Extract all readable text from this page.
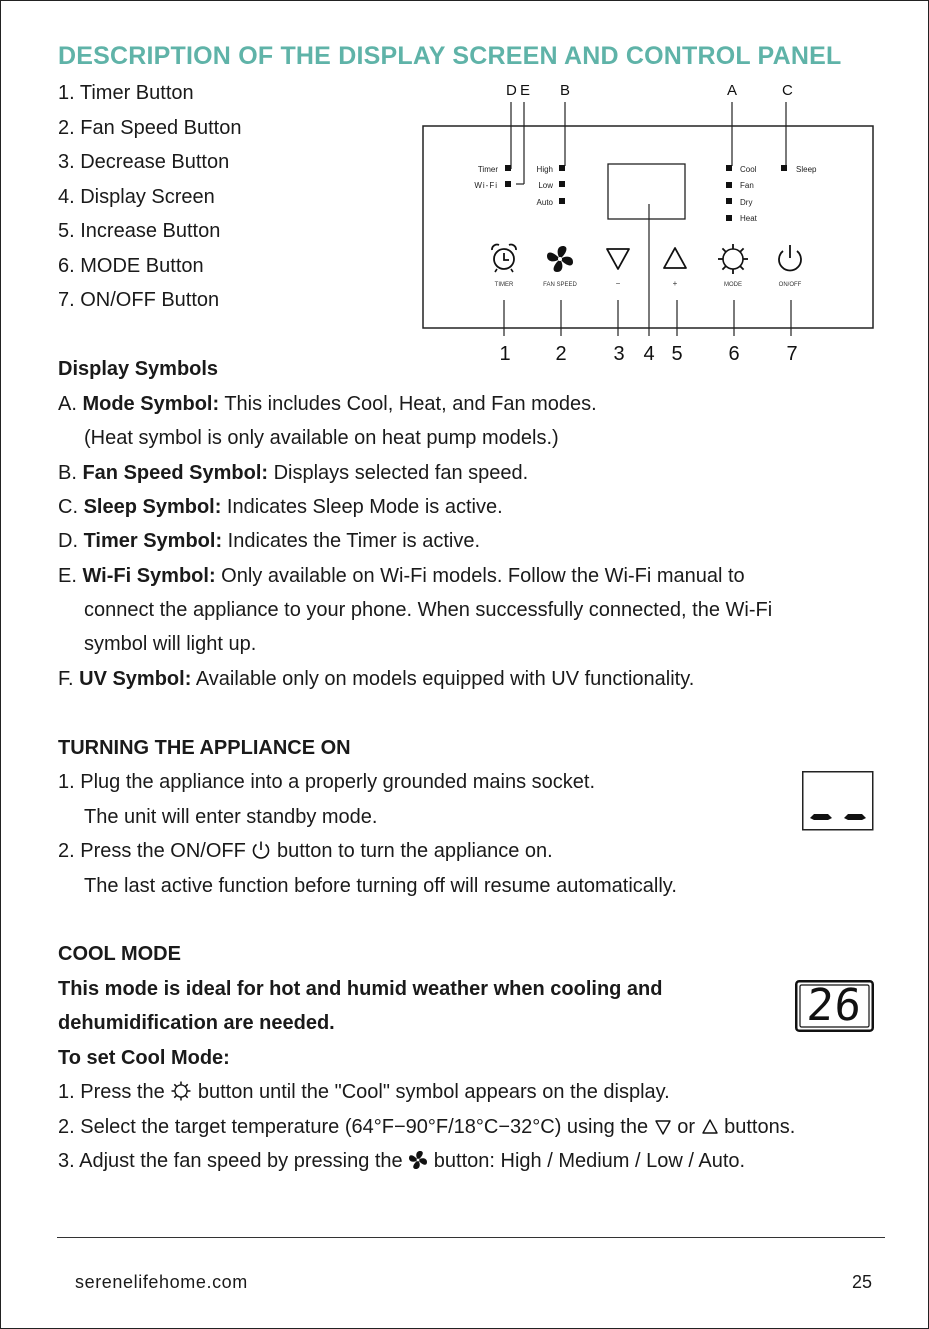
DESCRIPTION OF THE DISPLAY SCREEN AND CONTROL PANEL
1. Timer Button
2. Fan Speed Button
3. Decrease Button
4. Display Screen
5. Increase Button
6. MODE Button
7. ON/OFF Button
D E B	A	C
Timer
Wi-Fi
High
Low
Auto
Cool
Fan
Dry
Heat
Sleep
TIMER	FAN SPEED	−	+	MODE	ON/OFF
1 2 3 4 5 6 7
Display Symbols
A. Mode Symbol: This includes Cool, Heat, and Fan modes.
(Heat symbol is only available on heat pump models.)
B. Fan Speed Symbol: Displays selected fan speed.
C. Sleep Symbol: Indicates Sleep Mode is active.
D. Timer Symbol: Indicates the Timer is active.
E. Wi-Fi Symbol: Only available on Wi-Fi models. Follow the Wi-Fi manual to
connect the appliance to your phone. When successfully connected, the Wi-Fi
symbol will light up.
F. UV Symbol: Available only on models equipped with UV functionality.
TURNING THE APPLIANCE ON
1. Plug the appliance into a properly grounded mains socket.
The unit will enter standby mode.
2. Press the ON/OFF  button to turn the appliance on.
The last active function before turning off will resume automatically.
COOL MODE
This mode is ideal for hot and humid weather when cooling and
dehumidification are needed.
To set Cool Mode:
1. Press the  button until the "Cool" symbol appears on the display.
2. Select the target temperature (64°F−90°F/18°C−32°C) using the  or  buttons.
3. Adjust the fan speed by pressing the  button: High / Medium / Low / Auto.
26
serenelifehome.com	25
